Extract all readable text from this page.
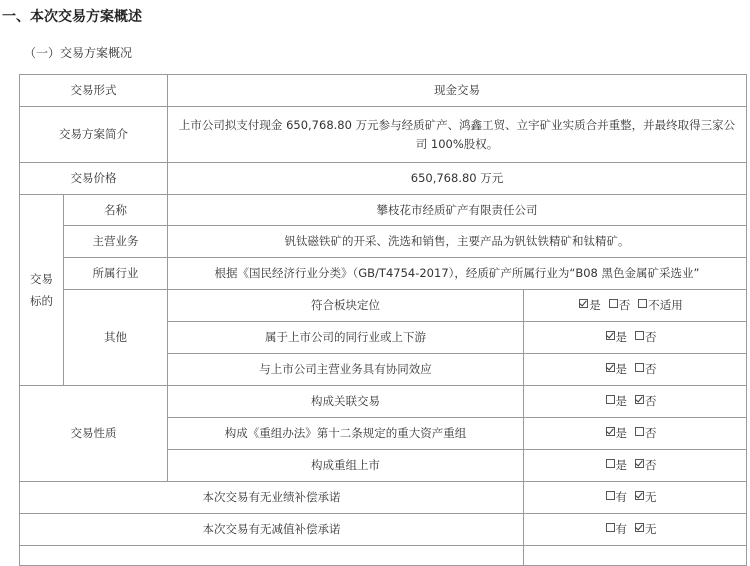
一、本次交易方案概述
（一）交易方案概况
交易形式		现金交易	
交易方案简介		上市公司拟支付现金 650,768.80 万元参与经质矿产、鸿鑫工贸、立宇矿业实质合并重整，并最终取得三家公司 100%股权。	
交易价格		650,768.80 万元	

交易标的	名称	攀枝花市经质矿产有限责任公司	
	主营业务	钒钛磁铁矿的开采、洗选和销售，主要产品为钒钛铁精矿和钛精矿。	
	所属行业	根据《国民经济行业分类》（GB/T4754-2017），经质矿产所属行业为“B08 黑色金属矿采选业”	
	其他	符合板块定位	是 否 不适用
		属于上市公司的同行业或上下游	是 否
		与上市公司主营业务具有协同效应	是 否
交易性质		构成关联交易	是 否
		构成《重组办法》第十二条规定的重大资产重组	是 否
		构成重组上市	是 否
本次交易有无业绩补偿承诺			有 无
本次交易有无减值补偿承诺			有 无
